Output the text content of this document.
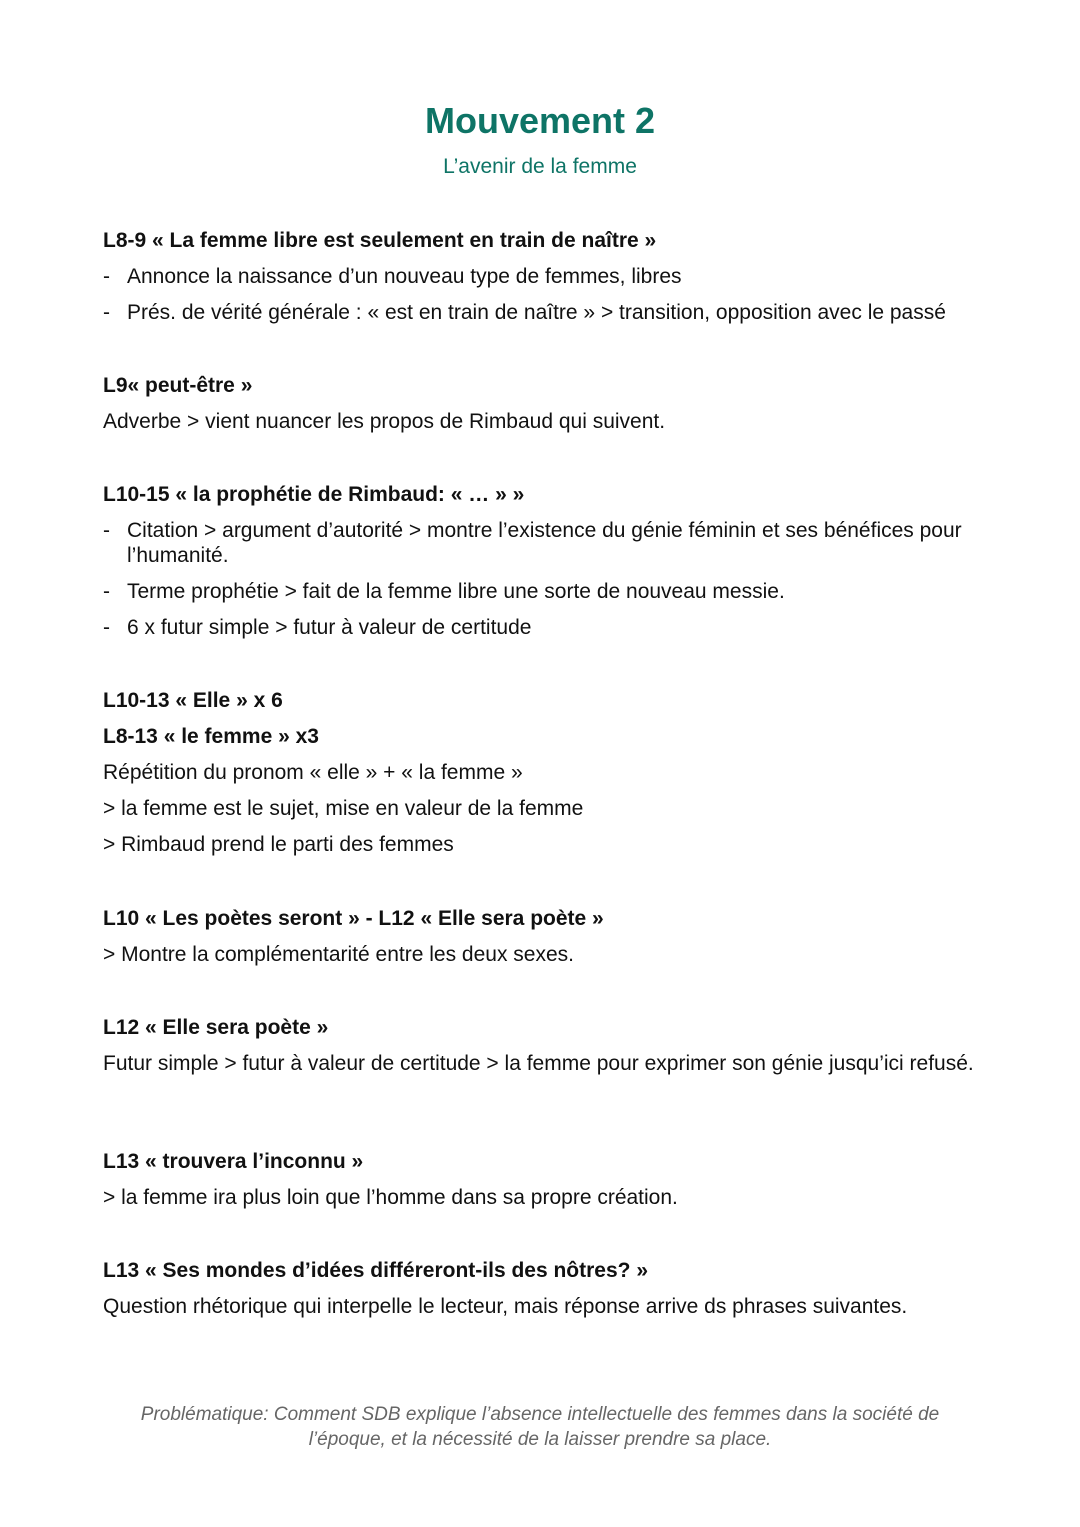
Mouvement 2

L’avenir de la femme

L8-9 « La femme libre est seulement en train de naître »

- Annonce la naissance d’un nouveau type de femmes, libres
- Prés. de vérité générale : « est en train de naître » > transition, opposition avec le passé

L9« peut-être »

Adverbe > vient nuancer les propos de Rimbaud qui suivent.

L10-15 « la prophétie de Rimbaud: « … » »

- Citation > argument d’autorité > montre l’existence du génie féminin et ses bénéfices pour l’humanité.
- Terme prophétie > fait de la femme libre une sorte de nouveau messie.
- 6 x futur simple > futur à valeur de certitude

L10-13 « Elle » x 6

L8-13 « le femme » x3

Répétition du pronom « elle » + « la femme »

> la femme est le sujet, mise en valeur de la femme

> Rimbaud prend le parti des femmes

L10 « Les poètes seront » - L12 « Elle sera poète »

> Montre la complémentarité entre les deux sexes.

L12 « Elle sera poète »

Futur simple > futur à valeur de certitude > la femme pour exprimer son génie jusqu’ici refusé.

L13 « trouvera l’inconnu »

> la femme ira plus loin que l’homme dans sa propre création.

L13 « Ses mondes d’idées différeront-ils des nôtres? »

Question rhétorique qui interpelle le lecteur, mais réponse arrive ds phrases suivantes.

Problématique: Comment SDB explique l’absence intellectuelle des femmes dans la société de l’époque, et la nécessité de la laisser prendre sa place.
